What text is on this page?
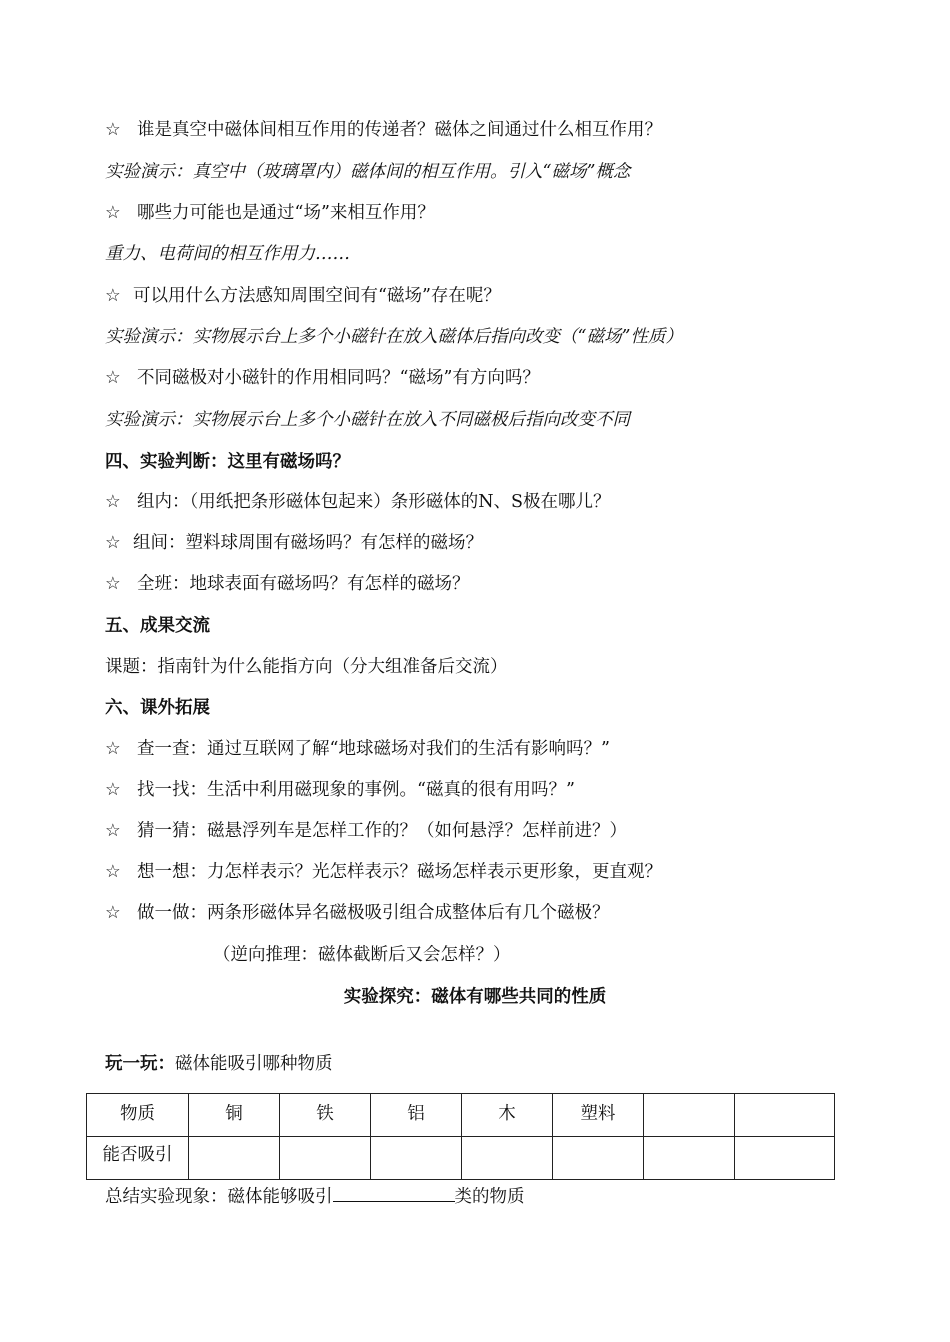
☆ 谁是真空中磁体间相互作用的传递者？磁体之间通过什么相互作用？
实验演示：真空中（玻璃罩内）磁体间的相互作用。引入“磁场”概念
☆ 哪些力可能也是通过“场”来相互作用？
重力、电荷间的相互作用力……
☆ 可以用什么方法感知周围空间有“磁场”存在呢？
实验演示：实物展示台上多个小磁针在放入磁体后指向改变（“磁场”性质）
☆ 不同磁极对小磁针的作用相同吗？“磁场”有方向吗？
实验演示：实物展示台上多个小磁针在放入不同磁极后指向改变不同
四、实验判断：这里有磁场吗？
☆ 组内：（用纸把条形磁体包起来）条形磁体的N、S极在哪儿？
☆ 组间：塑料球周围有磁场吗？有怎样的磁场？
☆ 全班：地球表面有磁场吗？有怎样的磁场？
五、成果交流
课题：指南针为什么能指方向（分大组准备后交流）
六、课外拓展
☆ 查一查：通过互联网了解“地球磁场对我们的生活有影响吗？”
☆ 找一找：生活中利用磁现象的事例。“磁真的很有用吗？”
☆ 猜一猜：磁悬浮列车是怎样工作的？（如何悬浮？怎样前进？）
☆ 想一想：力怎样表示？光怎样表示？磁场怎样表示更形象，更直观？
☆ 做一做：两条形磁体异名磁极吸引组合成整体后有几个磁极？
（逆向推理：磁体截断后又会怎样？）
实验探究：磁体有哪些共同的性质
玩一玩：磁体能吸引哪种物质
物质	铜	铁	铝	木	塑料		

能否吸引							

总结实验现象：磁体能够吸引	类的物质
